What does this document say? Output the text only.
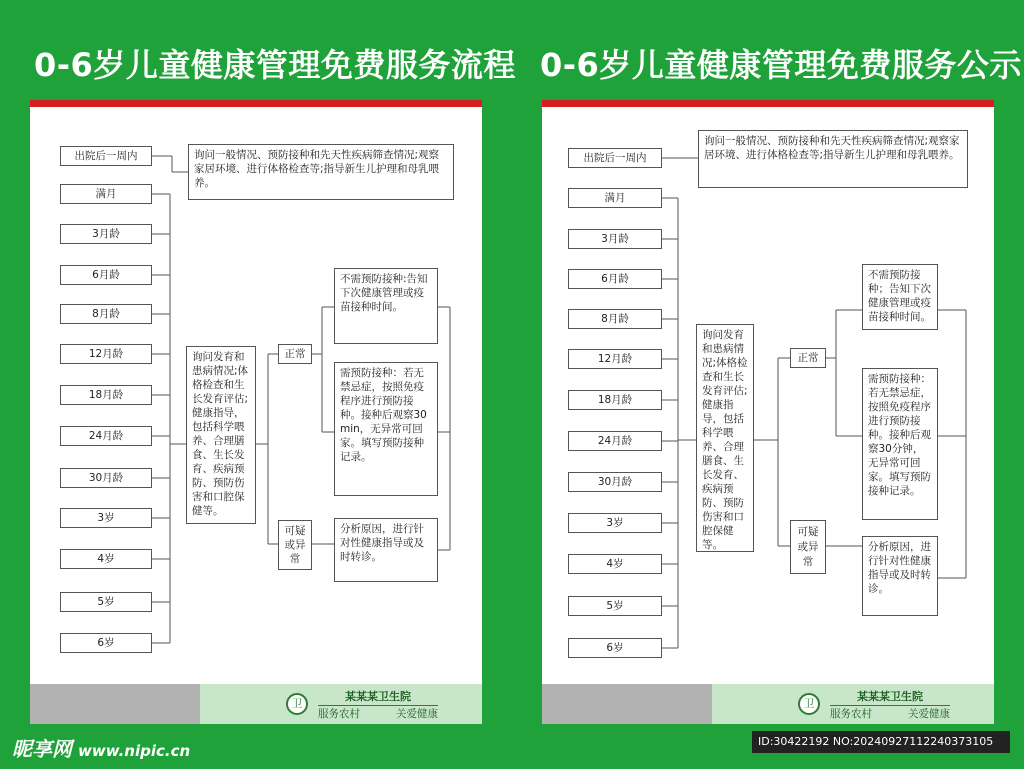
0-6岁儿童健康管理免费服务流程 0-6岁儿童健康管理免费服务公示
出院后一周内
满月
3月龄
6月龄
8月龄
12月龄
18月龄
24月龄
30月龄
3岁
4岁
5岁
6岁
询问一般情况、预防接种和先天性疾病筛查情况;观察家居环境、进行体格检查等;指导新生儿护理和母乳喂养。
询问发育和患病情况;体格检查和生长发育评估;健康指导，包括科学喂养、合理膳食、生长发育、疾病预防、预防伤害和口腔保健等。
正常
可疑或异常
不需预防接种:告知下次健康管理或疫苗接种时间。
需预防接种：若无禁忌症，按照免疫程序进行预防接种。接种后观察30min，无异常可回家。填写预防接种记录。
分析原因，进行针对性健康指导或及时转诊。
卫
某某某卫生院
服务农村	关爱健康
出院后一周内
满月
3月龄
6月龄
8月龄
12月龄
18月龄
24月龄
30月龄
3岁
4岁
5岁
6岁
询问一般情况、预防接种和先天性疾病筛查情况;观察家居环境、进行体格检查等;指导新生儿护理和母乳喂养。
询问发育和患病情况;体格检查和生长发育评估;健康指导，包括科学喂养、合理膳食、生长发育、疾病预防、预防伤害和口腔保健等。
正常
可疑或异常
不需预防接种；告知下次健康管理或疫苗接种时间。
需预防接种：若无禁忌症，按照免疫程序进行预防接种。接种后观察30分钟，无异常可回家。填写预防接种记录。
分析原因，进行针对性健康指导或及时转诊。
卫
某某某卫生院
服务农村	关爱健康
昵享网 www.nipic.cn
ID:30422192 NO:20240927112240373105
